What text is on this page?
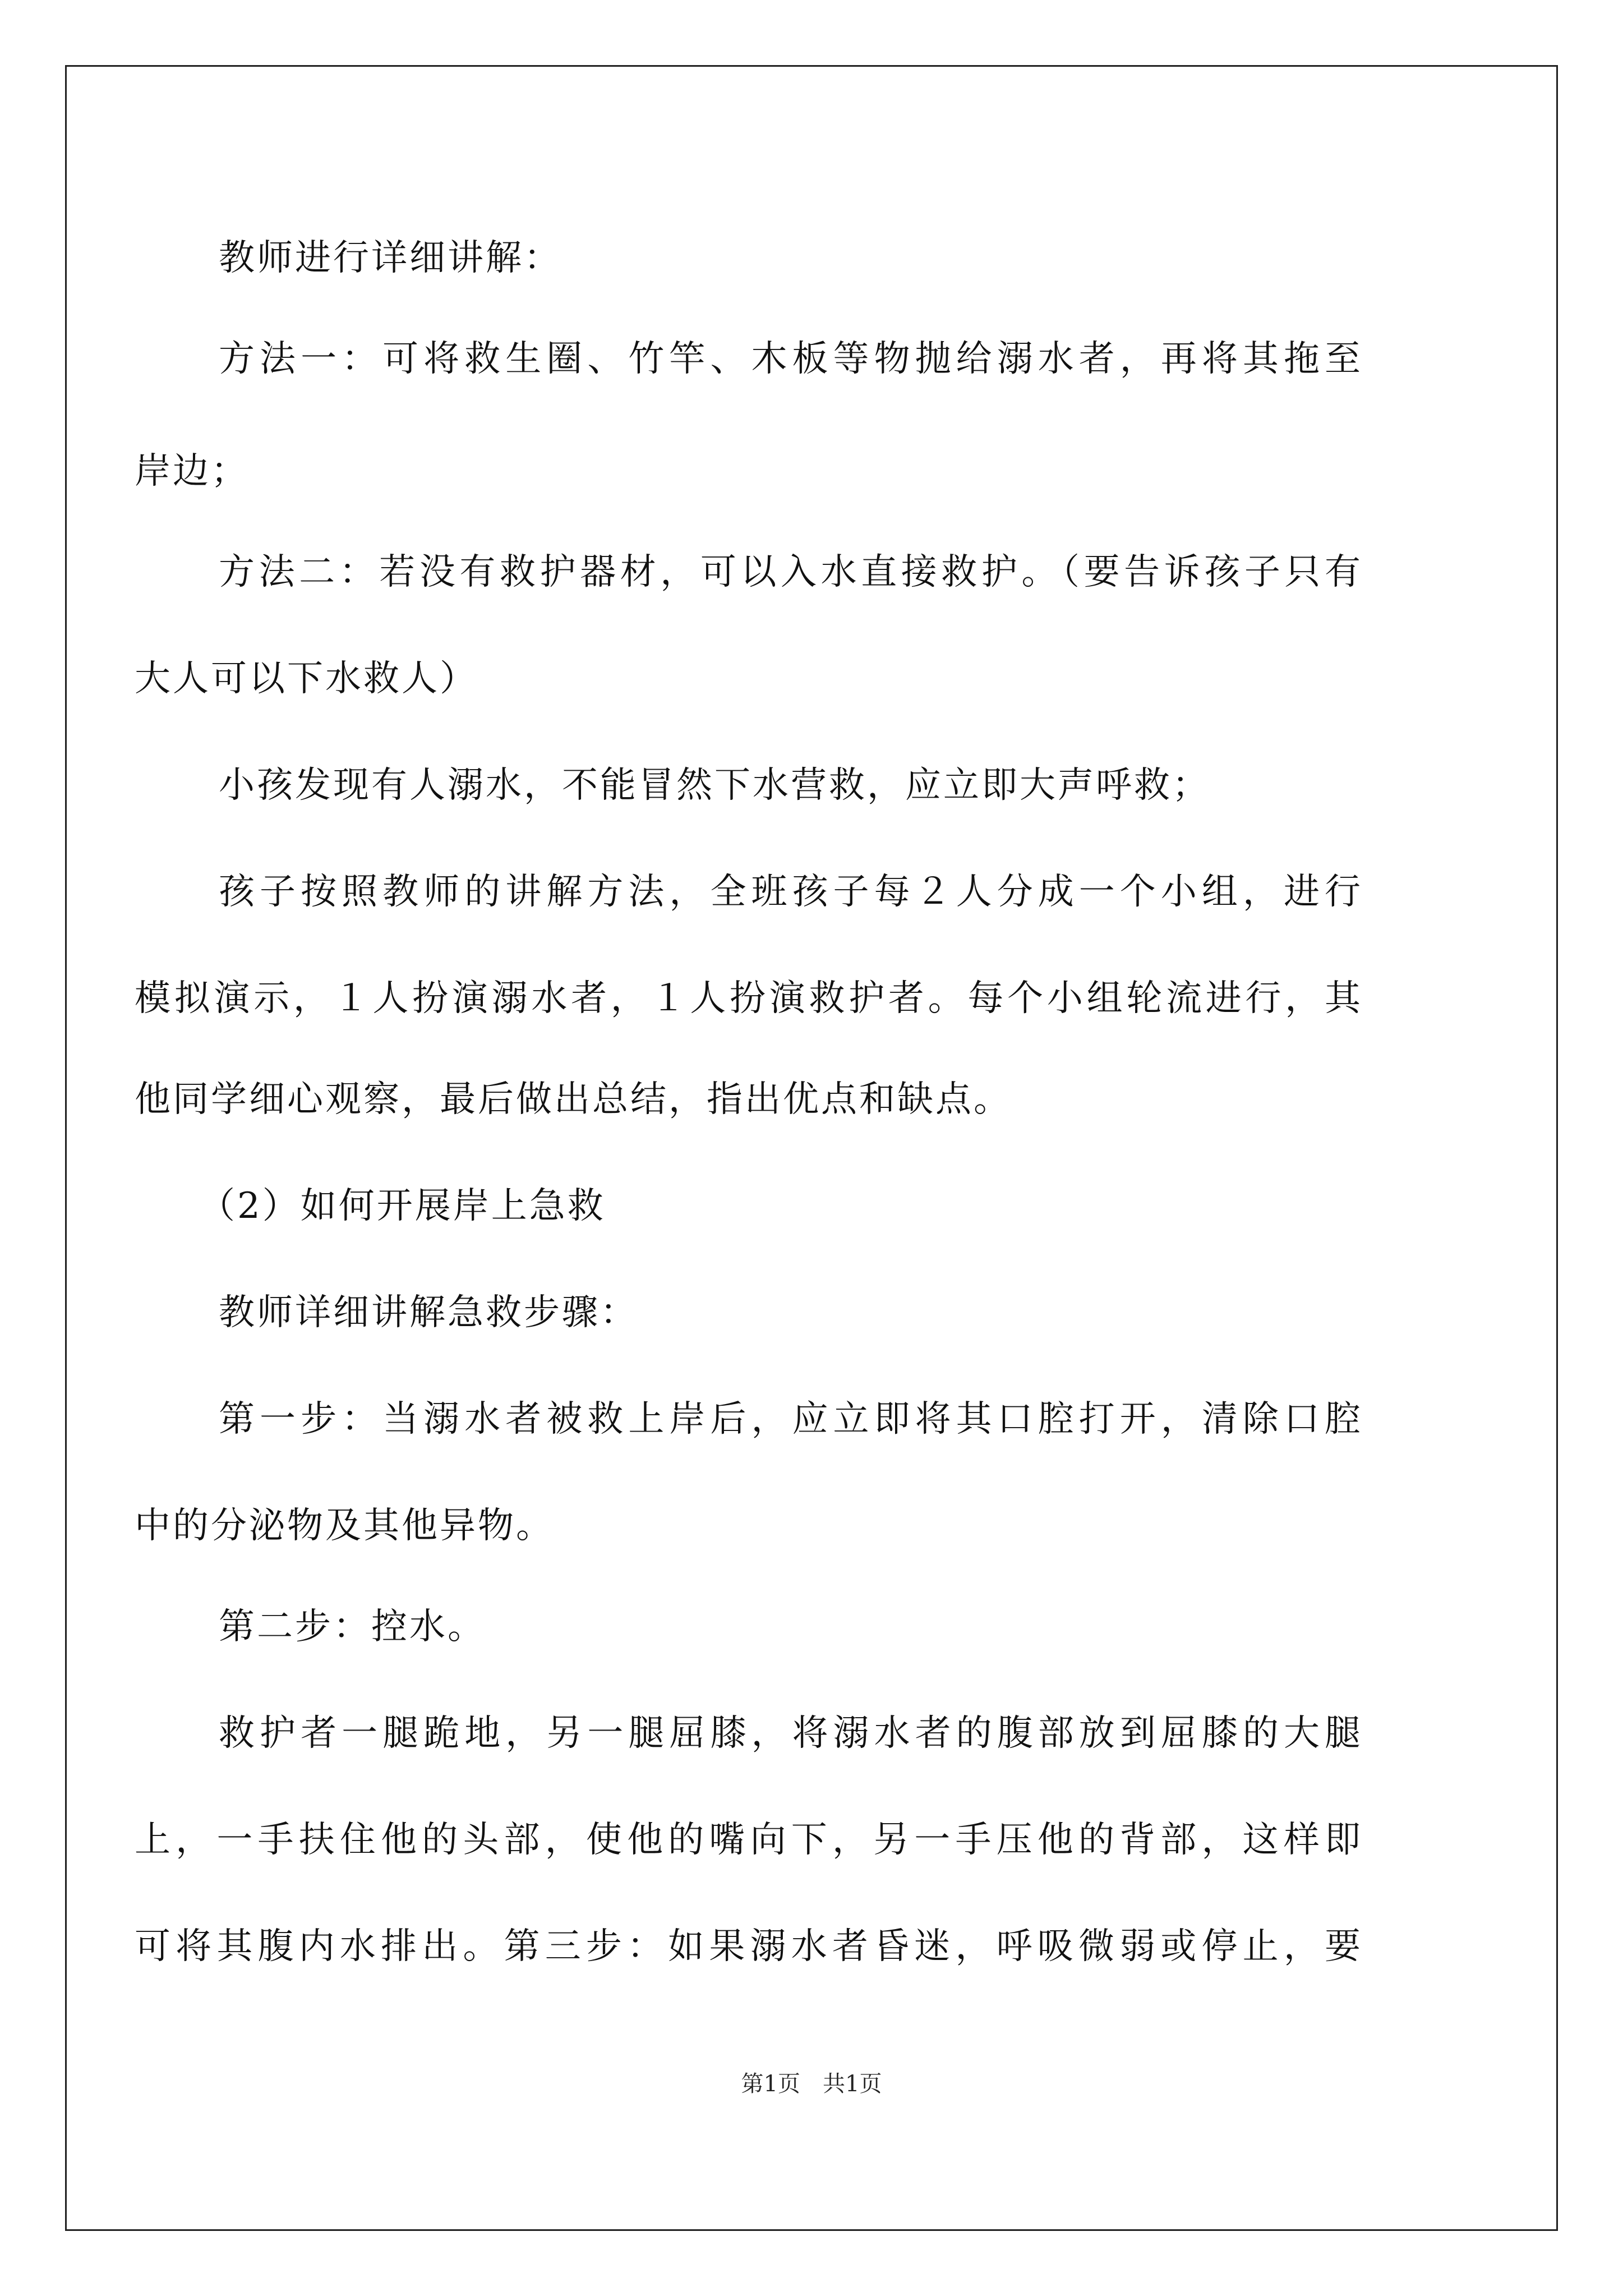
教师进行详细讲解：
方法一：可将救生圈、竹竿、木板等物抛给溺水者，再将其拖至
岸边；
方法二：若没有救护器材，可以入水直接救护。（要告诉孩子只有
大人可以下水救人）
小孩发现有人溺水，不能冒然下水营救，应立即大声呼救；
孩子按照教师的讲解方法，全班孩子每２人分成一个小组，进行
模拟演示，１人扮演溺水者，１人扮演救护者。每个小组轮流进行，其
他同学细心观察，最后做出总结，指出优点和缺点。
（2）如何开展岸上急救
教师详细讲解急救步骤：
第一步：当溺水者被救上岸后，应立即将其口腔打开，清除口腔
中的分泌物及其他异物。
第二步：控水。
救护者一腿跪地，另一腿屈膝，将溺水者的腹部放到屈膝的大腿
上，一手扶住他的头部，使他的嘴向下，另一手压他的背部，这样即
可将其腹内水排出。第三步：如果溺水者昏迷，呼吸微弱或停止，要
第1页　共1页
